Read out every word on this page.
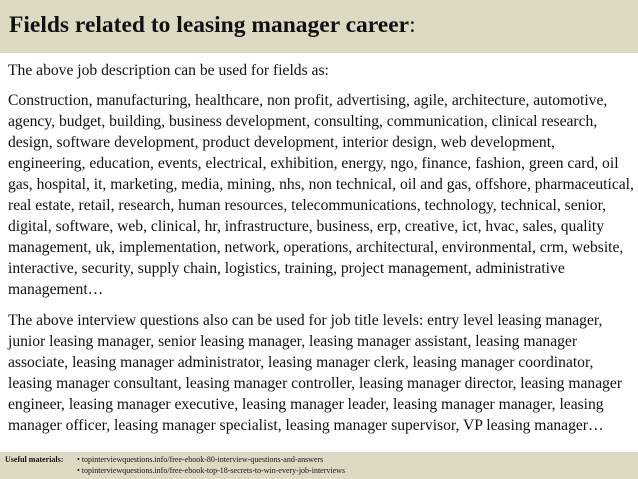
Fields related to leasing manager career:

The above job description can be used for fields as:

Construction, manufacturing, healthcare, non profit, advertising, agile, architecture, automotive, agency, budget, building, business development, consulting, communication, clinical research, design, software development, product development, interior design, web development, engineering, education, events, electrical, exhibition, energy, ngo, finance, fashion, green card, oil gas, hospital, it, marketing, media, mining, nhs, non technical, oil and gas, offshore, pharmaceutical, real estate, retail, research, human resources, telecommunications, technology, technical, senior, digital, software, web, clinical, hr, infrastructure, business, erp, creative, ict, hvac, sales, quality management, uk, implementation, network, operations, architectural, environmental, crm, website, interactive, security, supply chain, logistics, training, project management, administrative management…

The above interview questions also can be used for job title levels: entry level leasing manager, junior leasing manager, senior leasing manager, leasing manager assistant, leasing manager associate, leasing manager administrator, leasing manager clerk, leasing manager coordinator, leasing manager consultant, leasing manager controller, leasing manager director, leasing manager engineer, leasing manager executive, leasing manager leader, leasing manager manager, leasing manager officer, leasing manager specialist, leasing manager supervisor, VP leasing manager…

Useful materials: • topinterviewquestions.info/free-ebook-80-interview-questions-and-answers
• topinterviewquestions.info/free-ebook-top-18-secrets-to-win-every-job-interviews
